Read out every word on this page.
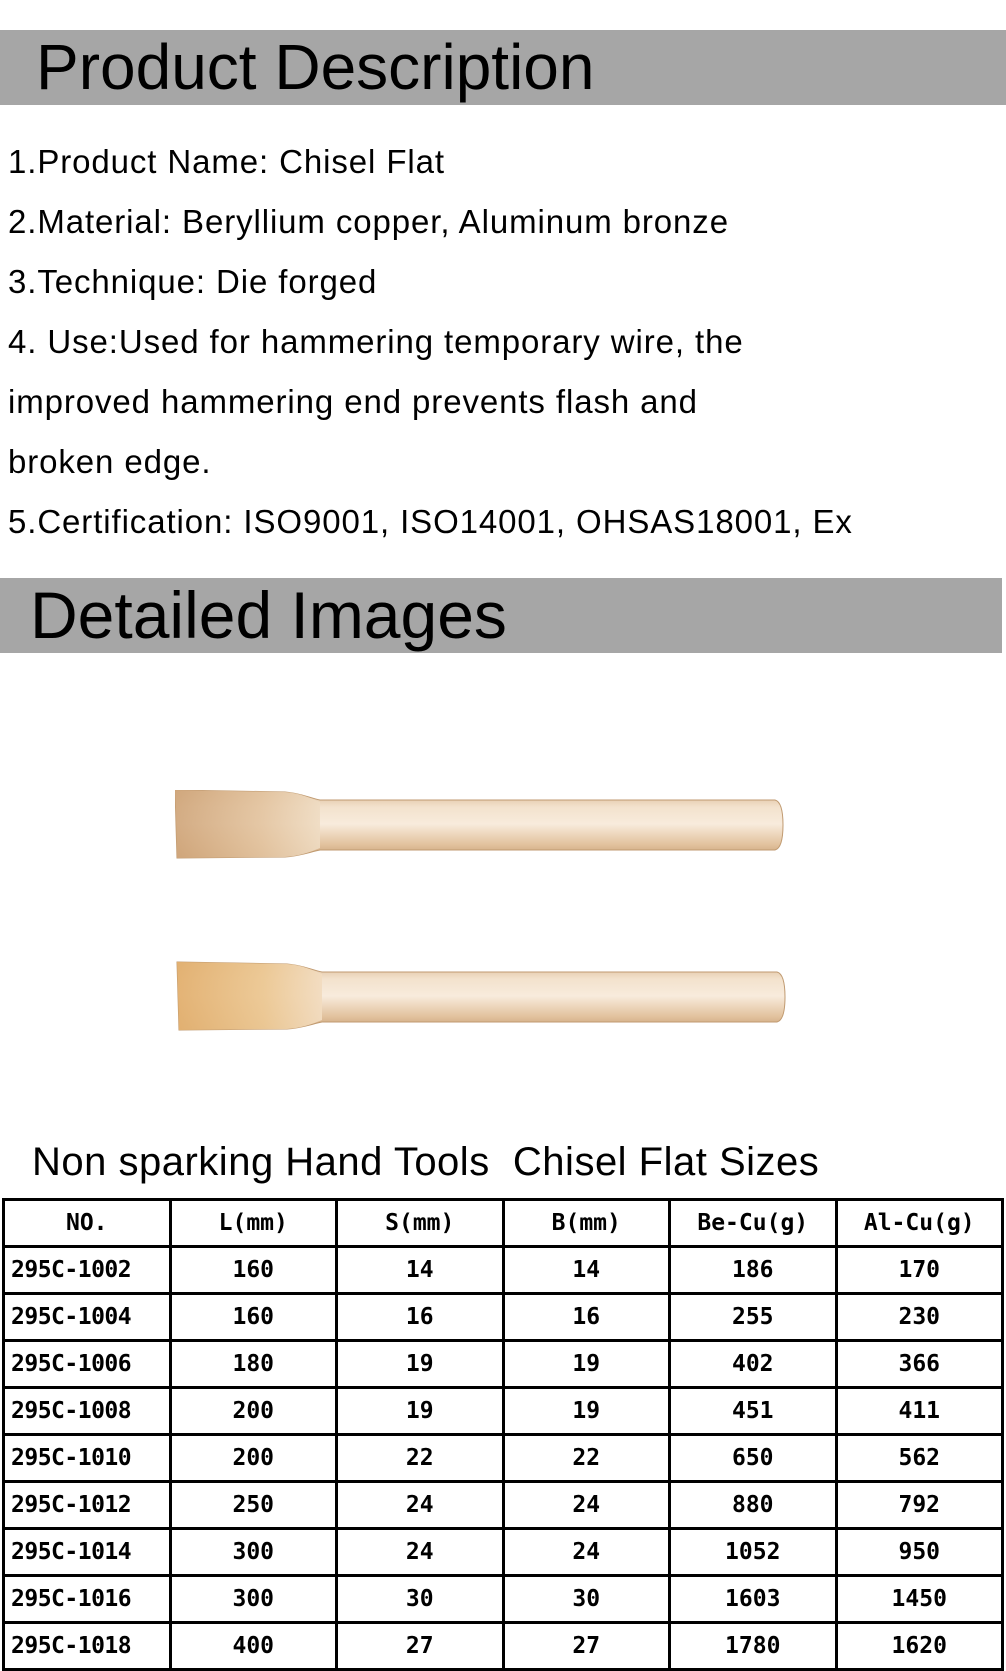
Product Description

1.Product Name: Chisel Flat

2.Material: Beryllium copper, Aluminum bronze

3.Technique: Die forged

4. Use:Used for hammering temporary wire, the

improved hammering end prevents flash and

broken edge.

5.Certification: ISO9001, ISO14001, OHSAS18001, Ex

Detailed Images
Non sparking Hand Tools  Chisel Flat Sizes
NO.	L(mm)	S(mm)	B(mm)	Be-Cu(g)	Al-Cu(g)
295C-1002	160	14	14	186	170
295C-1004	160	16	16	255	230
295C-1006	180	19	19	402	366
295C-1008	200	19	19	451	411
295C-1010	200	22	22	650	562
295C-1012	250	24	24	880	792
295C-1014	300	24	24	1052	950
295C-1016	300	30	30	1603	1450
295C-1018	400	27	27	1780	1620
